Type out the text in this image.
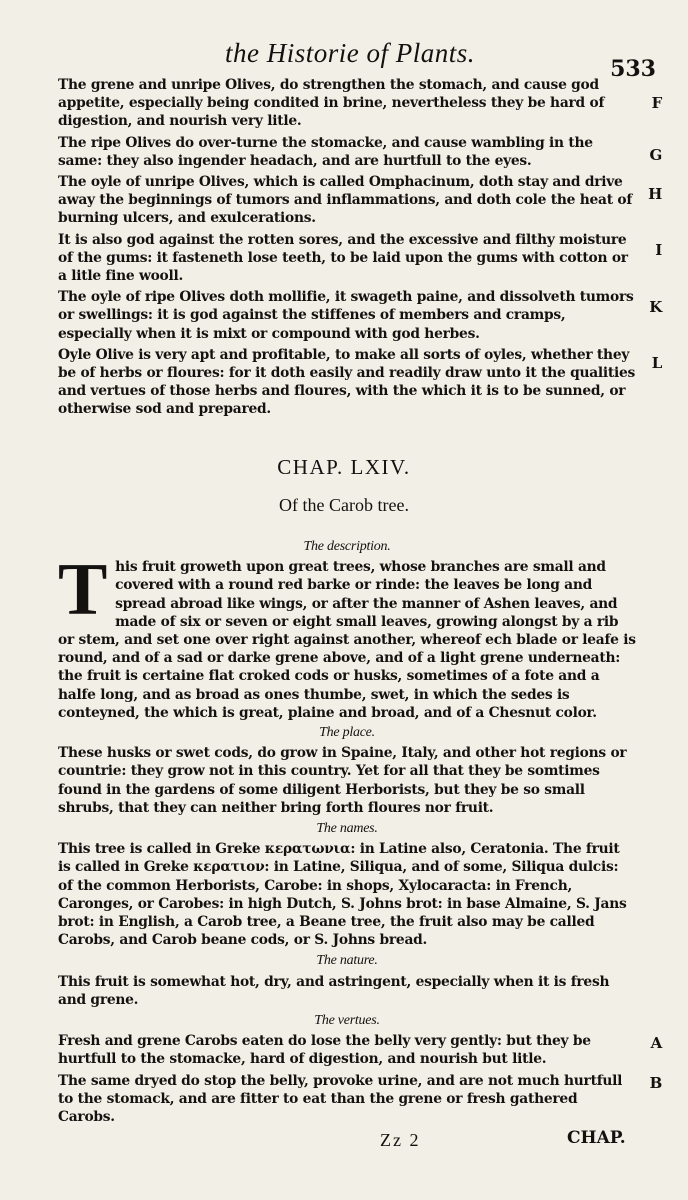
the Historie of Plants.
533

The grene and unripe Olives, do strengthen the stomach, and cause god appetite, especially being condited in brine, nevertheless they be hard of digestion, and nourish very litle.
F

The ripe Olives do over-turne the stomacke, and cause wambling in the same: they also ingender headach, and are hurtfull to the eyes.	G

The oyle of unripe Olives, which is called Omphacinum, doth stay and drive away the beginnings of tumors and inflammations, and doth cole the heat of burning ulcers, and exulcerations.
H

It is also god against the rotten sores, and the excessive and filthy moisture of the gums: it fasteneth lose teeth, to be laid upon the gums with cotton or a litle fine wooll.
I

The oyle of ripe Olives doth mollifie, it swageth paine, and dissolveth tumors or swellings: it is god against the stiffenes of members and cramps, especially when it is mixt or compound with god herbes.
K

Oyle Olive is very apt and profitable, to make all sorts of oyles, whether they be of herbs or floures: for it doth easily and readily draw unto it the qualities and vertues of those herbs and floures, with the which it is to be sunned, or otherwise sod and prepared.
L

CHAP. LXIV.
Of the Carob tree.
The description.
T his fruit groweth upon great trees, whose branches are small and covered with a round red barke or rinde: the leaves be long and spread abroad like wings, or after the manner of Ashen leaves, and made of six or seven or eight small leaves, growing alongst by a rib or stem, and set one over right against another, whereof ech blade or leafe is round, and of a sad or darke grene above, and of a light grene underneath: the fruit is certaine flat croked cods or husks, sometimes of a fote and a halfe long, and as broad as ones thumbe, swet, in which the sedes is conteyned, the which is great, plaine and broad, and of a Chesnut color.
The place.

These husks or swet cods, do grow in Spaine, Italy, and other hot regions or countrie: they grow not in this country. Yet for all that they be somtimes found in the gardens of some diligent Herborists, but they be so small shrubs, that they can neither bring forth floures nor fruit.

The names.

This tree is called in Greke κερατωνια: in Latine also, Ceratonia. The fruit is called in Greke κερατιον: in Latine, Siliqua, and of some, Siliqua dulcis: of the common Herborists, Carobe: in shops, Xylocaracta: in French, Caronges, or Carobes: in high Dutch, S. Johns brot: in base Almaine, S. Jans brot: in English, a Carob tree, a Beane tree, the fruit also may be called Carobs, and Carob beane cods, or S. Johns bread.

The nature.

This fruit is somewhat hot, dry, and astringent, especially when it is fresh and grene.

The vertues.

Fresh and grene Carobs eaten do lose the belly very gently: but they be hurtfull to the stomacke, hard of digestion, and nourish but litle.
A

The same dryed do stop the belly, provoke urine, and are not much hurtfull to the stomack, and are fitter to eat than the grene or fresh gathered Carobs.
B

Zz 2	CHAP.
